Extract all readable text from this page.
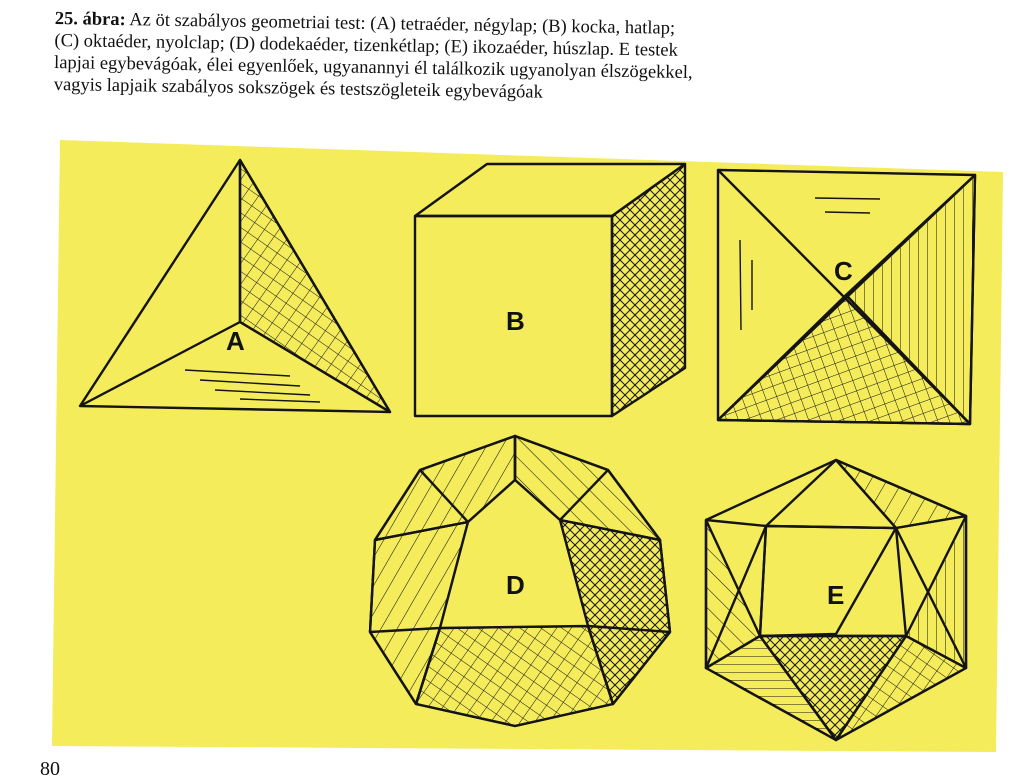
25. ábra: Az öt szabályos geometriai test: (A) tetraéder, négylap; (B) kocka, hatlap;
(C) oktaéder, nyolclap; (D) dodekaéder, tizenkétlap; (E) ikozaéder, húszlap. E testek
lapjai egybevágóak, élei egyenlőek, ugyanannyi él találkozik ugyanolyan élszögekkel,
vagyis lapjaik szabályos sokszögek és testszögleteik egybevágóak
A
B
C
D	E
80
